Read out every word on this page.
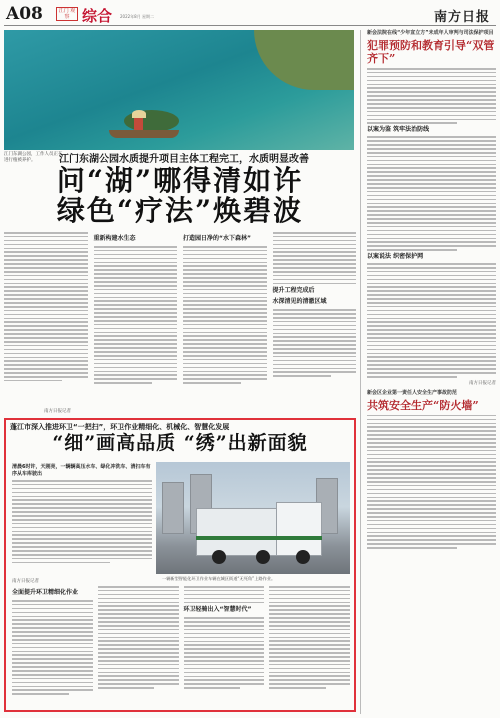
A08	江门 观察 综合 2022年8月 星期二	南方日报
江门东湖公园，工作人员正在进行植被养护。	江门东湖公园水质提升项目主体工程完工，水质明显改善
问“湖”哪得清如许
绿色“疗法”焕碧波
重新构建水生态	打造园日净的“水下森林”
提升工程完成后
水深清见的清澈区域
南方日报记者
蓬江市深入推进环卫“一把扫”，环卫作业精细化、机械化、智慧化发展
“细”画高品质 “绣”出新面貌
清晨6时许，天刚亮，一辆辆高压水车、绿化冲洗车、清扫车有序从车库驶出
一辆新型智能化环卫作业车辆在城区街道“无死角”上路作业。
南方日报记者
全面提升环卫精细化作业
环卫轻骑出入“智慧时代”
新会法院在线“少年宣立方”未成年人审判与司法保护项目
犯罪预防和教育引导“双管齐下”
以案为鉴 筑牢法治防线
以案说法 织密保护网
南方日报记者
新会区企业第一责任人安全生产事故防范
共筑安全生产“防火墙”
